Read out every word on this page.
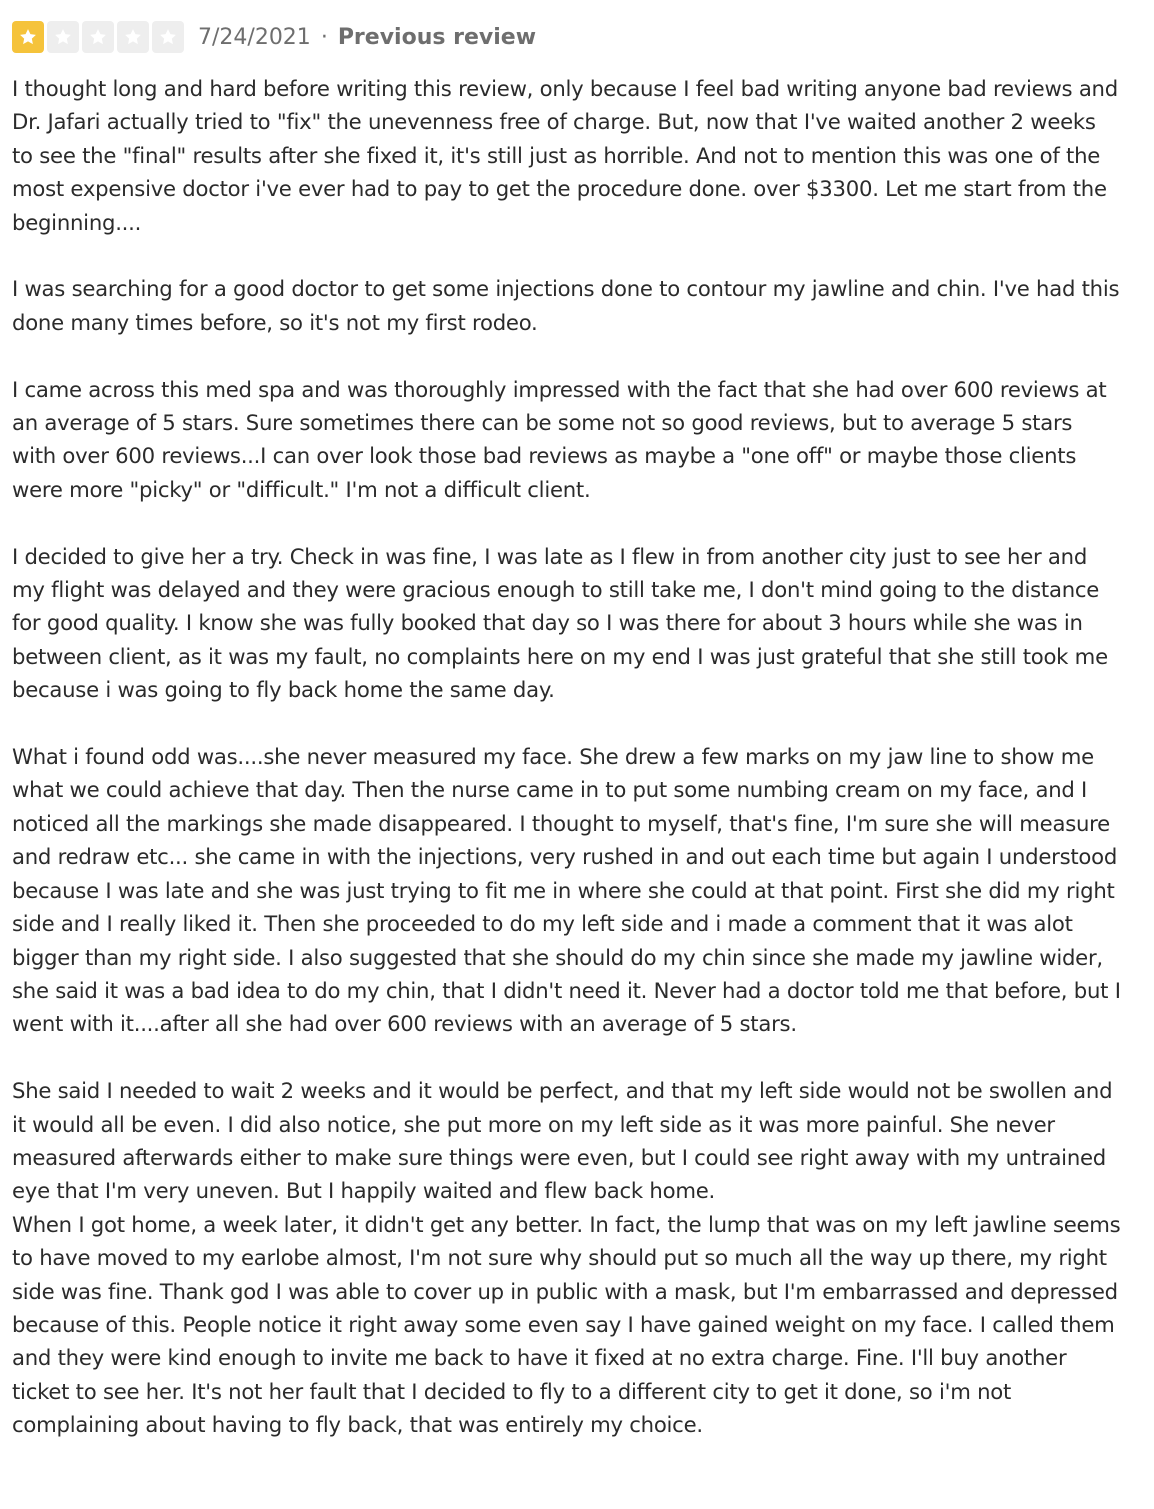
7/24/2021 · Previous review

I thought long and hard before writing this review, only because I feel bad writing anyone bad reviews and Dr. Jafari actually tried to "fix" the unevenness free of charge. But, now that I've waited another 2 weeks to see the "final" results after she fixed it, it's still just as horrible. And not to mention this was one of the most expensive doctor i've ever had to pay to get the procedure done. over $3300. Let me start from the beginning....

I was searching for a good doctor to get some injections done to contour my jawline and chin. I've had this done many times before, so it's not my first rodeo.

I came across this med spa and was thoroughly impressed with the fact that she had over 600 reviews at an average of 5 stars. Sure sometimes there can be some not so good reviews, but to average 5 stars with over 600 reviews...I can over look those bad reviews as maybe a "one off" or maybe those clients were more "picky" or "difficult." I'm not a difficult client.

I decided to give her a try. Check in was fine, I was late as I flew in from another city just to see her and my flight was delayed and they were gracious enough to still take me, I don't mind going to the distance for good quality. I know she was fully booked that day so I was there for about 3 hours while she was in between client, as it was my fault, no complaints here on my end I was just grateful that she still took me because i was going to fly back home the same day.

What i found odd was....she never measured my face. She drew a few marks on my jaw line to show me what we could achieve that day. Then the nurse came in to put some numbing cream on my face, and I noticed all the markings she made disappeared. I thought to myself, that's fine, I'm sure she will measure and redraw etc... she came in with the injections, very rushed in and out each time but again I understood because I was late and she was just trying to fit me in where she could at that point. First she did my right side and I really liked it. Then she proceeded to do my left side and i made a comment that it was alot bigger than my right side. I also suggested that she should do my chin since she made my jawline wider, she said it was a bad idea to do my chin, that I didn't need it. Never had a doctor told me that before, but I went with it....after all she had over 600 reviews with an average of 5 stars.

She said I needed to wait 2 weeks and it would be perfect, and that my left side would not be swollen and it would all be even. I did also notice, she put more on my left side as it was more painful. She never measured afterwards either to make sure things were even, but I could see right away with my untrained eye that I'm very uneven. But I happily waited and flew back home.

When I got home, a week later, it didn't get any better. In fact, the lump that was on my left jawline seems to have moved to my earlobe almost, I'm not sure why should put so much all the way up there, my right side was fine. Thank god I was able to cover up in public with a mask, but I'm embarrassed and depressed because of this. People notice it right away some even say I have gained weight on my face. I called them and they were kind enough to invite me back to have it fixed at no extra charge. Fine. I'll buy another ticket to see her. It's not her fault that I decided to fly to a different city to get it done, so i'm not complaining about having to fly back, that was entirely my choice.
